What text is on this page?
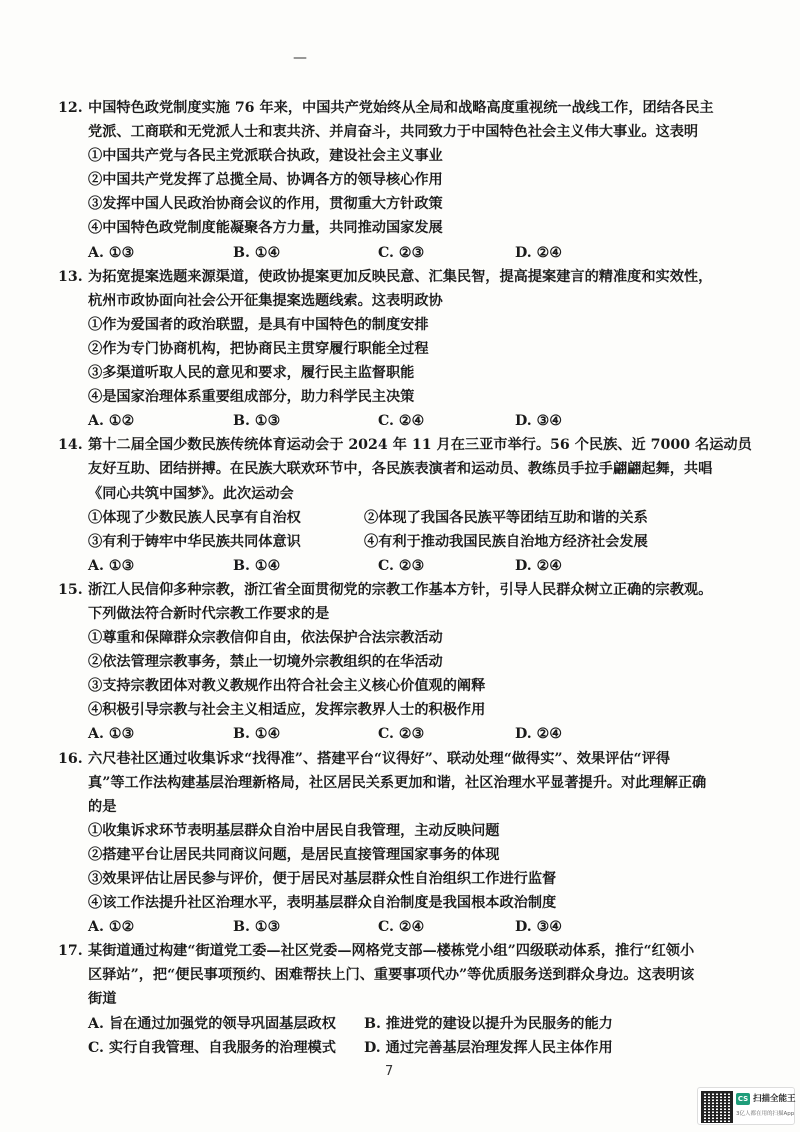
—
12. 中国特色政党制度实施 76 年来，中国共产党始终从全局和战略高度重视统一战线工作，团结各民主
党派、工商联和无党派人士和衷共济、并肩奋斗，共同致力于中国特色社会主义伟大事业。这表明
①中国共产党与各民主党派联合执政，建设社会主义事业
②中国共产党发挥了总揽全局、协调各方的领导核心作用
③发挥中国人民政治协商会议的作用，贯彻重大方针政策
④中国特色政党制度能凝聚各方力量，共同推动国家发展
A. ①③	B. ①④	C. ②③	D. ②④
13. 为拓宽提案选题来源渠道，使政协提案更加反映民意、汇集民智，提高提案建言的精准度和实效性，
杭州市政协面向社会公开征集提案选题线索。这表明政协
①作为爱国者的政治联盟，是具有中国特色的制度安排
②作为专门协商机构，把协商民主贯穿履行职能全过程
③多渠道听取人民的意见和要求，履行民主监督职能
④是国家治理体系重要组成部分，助力科学民主决策
A. ①②	B. ①③	C. ②④	D. ③④
14. 第十二届全国少数民族传统体育运动会于 2024 年 11 月在三亚市举行。56 个民族、近 7000 名运动员
友好互助、团结拼搏。在民族大联欢环节中，各民族表演者和运动员、教练员手拉手翩翩起舞，共唱
《同心共筑中国梦》。此次运动会
①体现了少数民族人民享有自治权	②体现了我国各民族平等团结互助和谐的关系
③有利于铸牢中华民族共同体意识	④有利于推动我国民族自治地方经济社会发展
A. ①③	B. ①④	C. ②③	D. ②④
15. 浙江人民信仰多种宗教，浙江省全面贯彻党的宗教工作基本方针，引导人民群众树立正确的宗教观。
下列做法符合新时代宗教工作要求的是
①尊重和保障群众宗教信仰自由，依法保护合法宗教活动
②依法管理宗教事务，禁止一切境外宗教组织的在华活动
③支持宗教团体对教义教规作出符合社会主义核心价值观的阐释
④积极引导宗教与社会主义相适应，发挥宗教界人士的积极作用
A. ①③	B. ①④	C. ②③	D. ②④
16. 六尺巷社区通过收集诉求“找得准”、搭建平台“议得好”、联动处理“做得实”、效果评估“评得
真”等工作法构建基层治理新格局，社区居民关系更加和谐，社区治理水平显著提升。对此理解正确
的是
①收集诉求环节表明基层群众自治中居民自我管理，主动反映问题
②搭建平台让居民共同商议问题，是居民直接管理国家事务的体现
③效果评估让居民参与评价，便于居民对基层群众性自治组织工作进行监督
④该工作法提升社区治理水平，表明基层群众自治制度是我国根本政治制度
A. ①②	B. ①③	C. ②④	D. ③④
17. 某街道通过构建“街道党工委—社区党委—网格党支部—楼栋党小组”四级联动体系，推行“红领小
区驿站”，把“便民事项预约、困难帮扶上门、重要事项代办”等优质服务送到群众身边。这表明该
街道
A. 旨在通过加强党的领导巩固基层政权	B. 推进党的建设以提升为民服务的能力
C. 实行自我管理、自我服务的治理模式	D. 通过完善基层治理发挥人民主体作用
7
CS 扫描全能王
3亿人都在用的扫描App
